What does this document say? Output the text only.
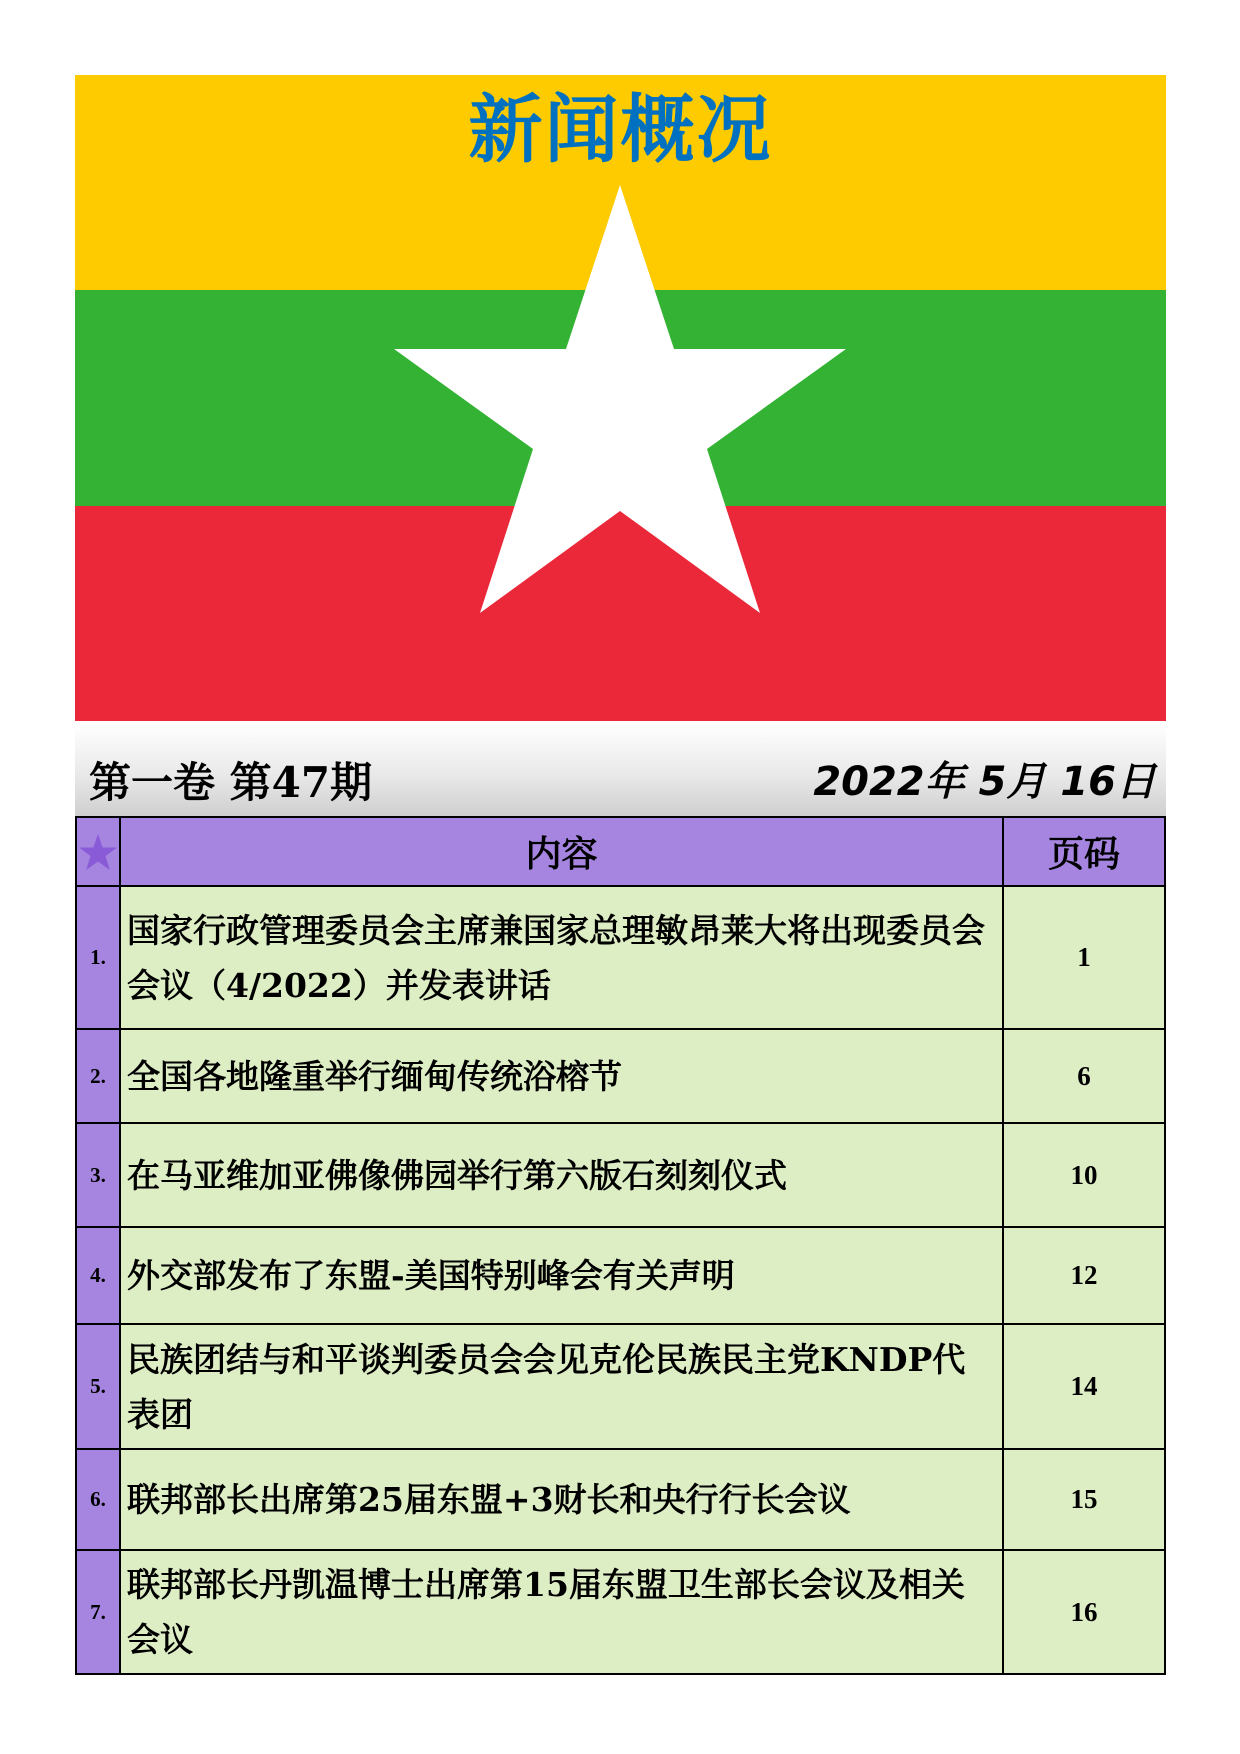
新闻概况
第一卷 第47期	2022年 5月 16日
	内容	页码
1.	国家行政管理委员会主席兼国家总理敏昂莱大将出现委员会会议（4/2022）并发表讲话	1
2.	全国各地隆重举行缅甸传统浴榕节	6
3.	在马亚维加亚佛像佛园举行第六版石刻刻仪式	10
4.	外交部发布了东盟-美国特别峰会有关声明	12
5.	民族团结与和平谈判委员会会见克伦民族民主党KNDP代表团	14
6.	联邦部长出席第25届东盟+3财长和央行行长会议	15
7.	联邦部长丹凯温博士出席第15届东盟卫生部长会议及相关会议	16
